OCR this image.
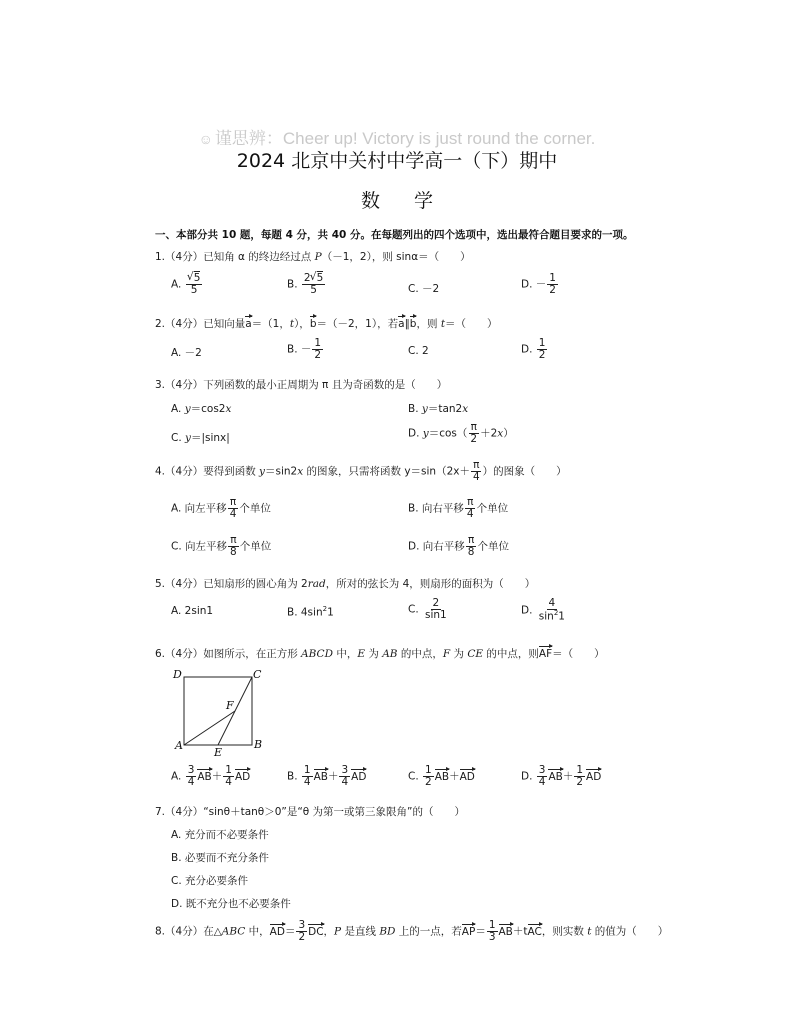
☺ 谨思辨：Cheer up! Victory is just round the corner.
2024 北京中关村中学高一（下）期中
数学
一、本部分共 10 题，每题 4 分，共 40 分。在每题列出的四个选项中，选出最符合题目要求的一项。
1.（4分）已知角 α 的终边经过点 P（－1，2），则 sinα＝（　　）
A. √ $\frac{5}{5}$	B. $\frac{2 √ 5}{5}$	C. －2	D. － $\frac{1}{2}$
2.（4分）已知向量a＝（1，t），b＝（－2，1），若a∥b，则 t＝（　　）
A. －2	B. － $\frac{1}{2}$	C. 2	D. $\frac{1}{2}$
3.（4分）下列函数的最小正周期为 π 且为奇函数的是（　　）
A. y＝cos2x	B. y＝tan2x
C. y＝|sinx|	D. $y=\cos( \frac{\pi}{2} +2x)$
4.（4分）要得到函数 y＝sin2x 的图象，只需将函数 $y=\sin(2x+ \frac{\pi}{4}$ ）的图象（　　）
A. 向左平移 $\frac{\pi}{4}$ 个单位	B. 向右平移 $\frac{\pi}{4}$ 个单位
C. 向左平移 $\frac{\pi}{8}$ 个单位	D. 向右平移 $\frac{\pi}{8}$ 个单位
5.（4分）已知扇形的圆心角为 2rad，所对的弦长为 4，则扇形的面积为（　　）
A. 2sin1	B. $4\sin^21$	C. $\frac{2}{\sin 1}$	D. $\frac{4}{\sin^21}$
6.（4分）如图所示，在正方形 ABCD 中，E 为 AB 的中点，F 为 CE 的中点，则AF＝（　　）
D	C
F
A
E
B
A. $\frac{3}{4} AB+ \frac{1}{4}$ AD	B. $\frac{1}{4} AB+ \frac{3}{4}$ AD	C. $\frac{1}{2} AB+AD$	D. $\frac{3}{4} AB+ \frac{1}{2}$ AD
7.（4分）“sinθ＋tanθ＞0”是“θ 为第一或第三象限角”的（　　）
A. 充分而不必要条件
B. 必要而不充分条件
C. 充分必要条件
D. 既不充分也不必要条件
8.（4分）在△ABC 中，$AD= \frac{3}{2}$ DC，P 是直线 BD 上的一点，若$AP= \frac{1}{3} AB+tAC$，则实数 t 的值为（　　）
